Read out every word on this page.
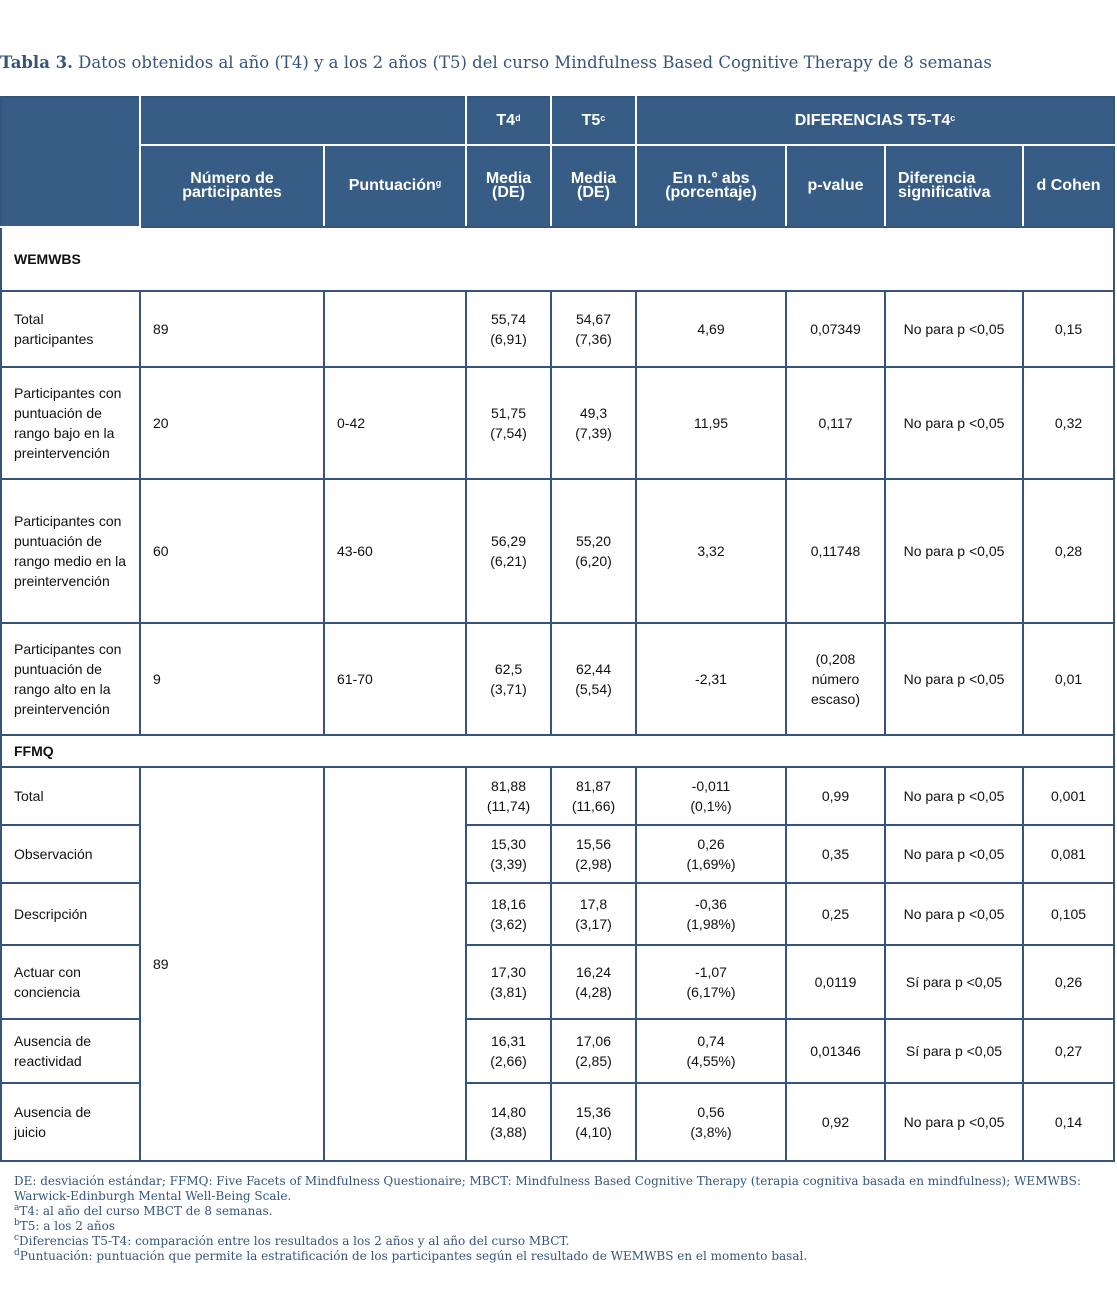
Tabla 3. Datos obtenidos al año (T4) y a los 2 años (T5) del curso Mindfulness Based Cognitive Therapy de 8 semanas
			T4$^d$	T5$^c$	DIFERENCIAS T5-T4$^c$
	Número de participantes	Puntuación$^g$	Media (DE)	Media (DE)	En n.º abs (porcentaje)	p-value	Diferencia significativa	d Cohen
WEMWBS								
Total participantes	89		55,74 (6,91)	54,67 (7,36)	4,69	0,07349	No para p <0,05	0,15
Participantes con puntuación de rango bajo en la preintervención	20	0-42	51,75 (7,54)	49,3 (7,39)	11,95	0,117	No para p <0,05	0,32
Participantes con puntuación de rango medio en la preintervención	60	43-60	56,29 (6,21)	55,20 (6,20)	3,32	0,11748	No para p <0,05	0,28
Participantes con puntuación de rango alto en la preintervención	9	61-70	62,5 (3,71)	62,44 (5,54)	-2,31	(0,208 número escaso)	No para p <0,05	0,01
FFMQ								
Total	89		81,88 (11,74)	81,87 (11,66)	-0,011 (0,1%)	0,99	No para p <0,05	0,001
Observación			15,30 (3,39)	15,56 (2,98)	0,26 (1,69%)	0,35	No para p <0,05	0,081
Descripción			18,16 (3,62)	17,8 (3,17)	-0,36 (1,98%)	0,25	No para p <0,05	0,105
Actuar con conciencia			17,30 (3,81)	16,24 (4,28)	-1,07 (6,17%)	0,0119	Sí para p <0,05	0,26
Ausencia de reactividad			16,31 (2,66)	17,06 (2,85)	0,74 (4,55%)	0,01346	Sí para p <0,05	0,27
Ausencia de juicio			14,80 (3,88)	15,36 (4,10)	0,56 (3,8%)	0,92	No para p <0,05	0,14
DE: desviación estándar; FFMQ: Five Facets of Mindfulness Questionaire; MBCT: Mindfulness Based Cognitive Therapy (terapia cognitiva basada en mindfulness); WEMWBS: Warwick-Edinburgh Mental Well-Being Scale.
$^a$T4: al año del curso MBCT de 8 semanas.
$^b$T5: a los 2 años
$^c$Diferencias T5-T4: comparación entre los resultados a los 2 años y al año del curso MBCT.
$^d$Puntuación: puntuación que permite la estratificación de los participantes según el resultado de WEMWBS en el momento basal.
